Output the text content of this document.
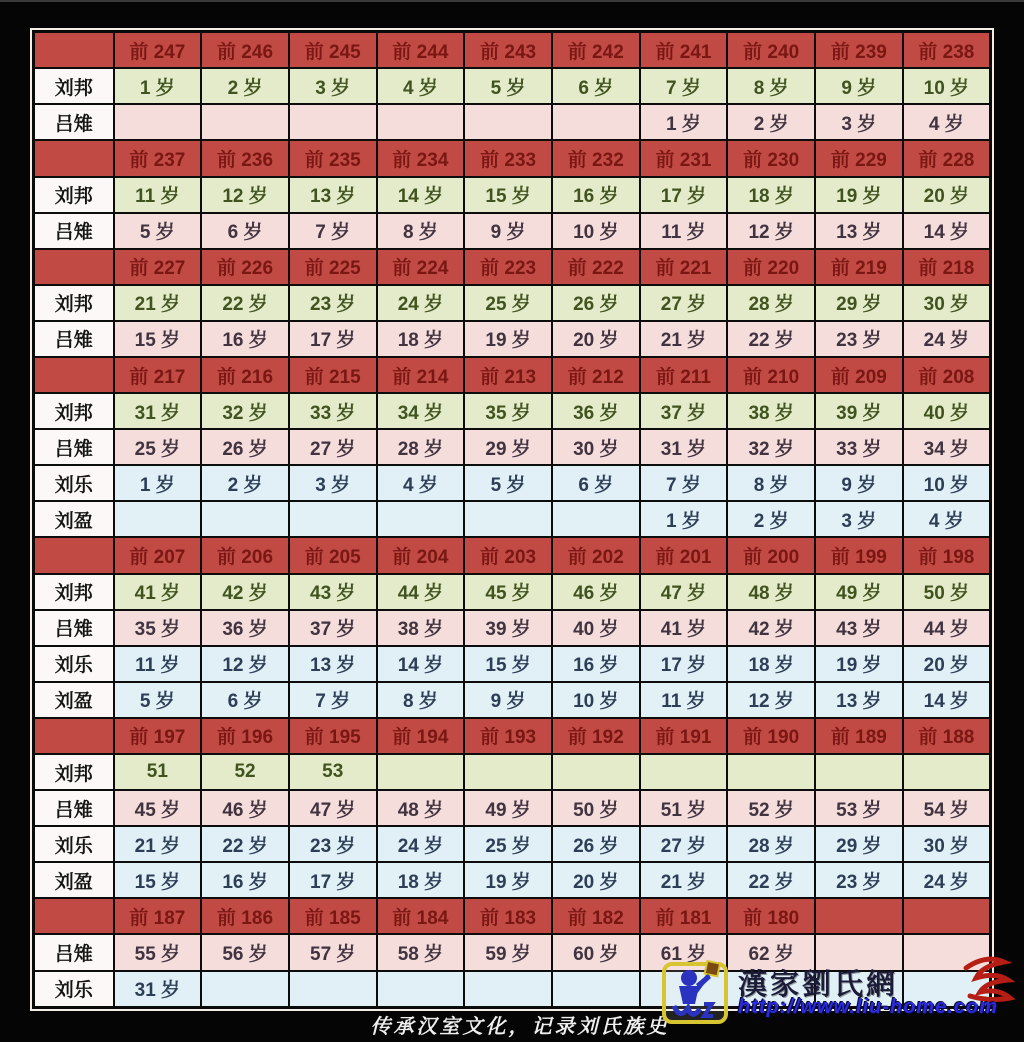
	前 247	前 246	前 245	前 244	前 243	前 242	前 241	前 240	前 239	前 238
刘邦	1 岁	2 岁	3 岁	4 岁	5 岁	6 岁	7 岁	8 岁	9 岁	10 岁
吕雉							1 岁	2 岁	3 岁	4 岁
	前 237	前 236	前 235	前 234	前 233	前 232	前 231	前 230	前 229	前 228
刘邦	11 岁	12 岁	13 岁	14 岁	15 岁	16 岁	17 岁	18 岁	19 岁	20 岁
吕雉	5 岁	6 岁	7 岁	8 岁	9 岁	10 岁	11 岁	12 岁	13 岁	14 岁
	前 227	前 226	前 225	前 224	前 223	前 222	前 221	前 220	前 219	前 218
刘邦	21 岁	22 岁	23 岁	24 岁	25 岁	26 岁	27 岁	28 岁	29 岁	30 岁
吕雉	15 岁	16 岁	17 岁	18 岁	19 岁	20 岁	21 岁	22 岁	23 岁	24 岁
	前 217	前 216	前 215	前 214	前 213	前 212	前 211	前 210	前 209	前 208
刘邦	31 岁	32 岁	33 岁	34 岁	35 岁	36 岁	37 岁	38 岁	39 岁	40 岁
吕雉	25 岁	26 岁	27 岁	28 岁	29 岁	30 岁	31 岁	32 岁	33 岁	34 岁
刘乐	1 岁	2 岁	3 岁	4 岁	5 岁	6 岁	7 岁	8 岁	9 岁	10 岁
刘盈							1 岁	2 岁	3 岁	4 岁
	前 207	前 206	前 205	前 204	前 203	前 202	前 201	前 200	前 199	前 198
刘邦	41 岁	42 岁	43 岁	44 岁	45 岁	46 岁	47 岁	48 岁	49 岁	50 岁
吕雉	35 岁	36 岁	37 岁	38 岁	39 岁	40 岁	41 岁	42 岁	43 岁	44 岁
刘乐	11 岁	12 岁	13 岁	14 岁	15 岁	16 岁	17 岁	18 岁	19 岁	20 岁
刘盈	5 岁	6 岁	7 岁	8 岁	9 岁	10 岁	11 岁	12 岁	13 岁	14 岁
	前 197	前 196	前 195	前 194	前 193	前 192	前 191	前 190	前 189	前 188
刘邦	51	52	53							
吕雉	45 岁	46 岁	47 岁	48 岁	49 岁	50 岁	51 岁	52 岁	53 岁	54 岁
刘乐	21 岁	22 岁	23 岁	24 岁	25 岁	26 岁	27 岁	28 岁	29 岁	30 岁
刘盈	15 岁	16 岁	17 岁	18 岁	19 岁	20 岁	21 岁	22 岁	23 岁	24 岁
	前 187	前 186	前 185	前 184	前 183	前 182	前 181	前 180		
吕雉	55 岁	56 岁	57 岁	58 岁	59 岁	60 岁	61 岁	62 岁		
刘乐	31 岁										漢家劉氏網
http://www.liu-home.com
传承汉室文化，记录刘氏族史
